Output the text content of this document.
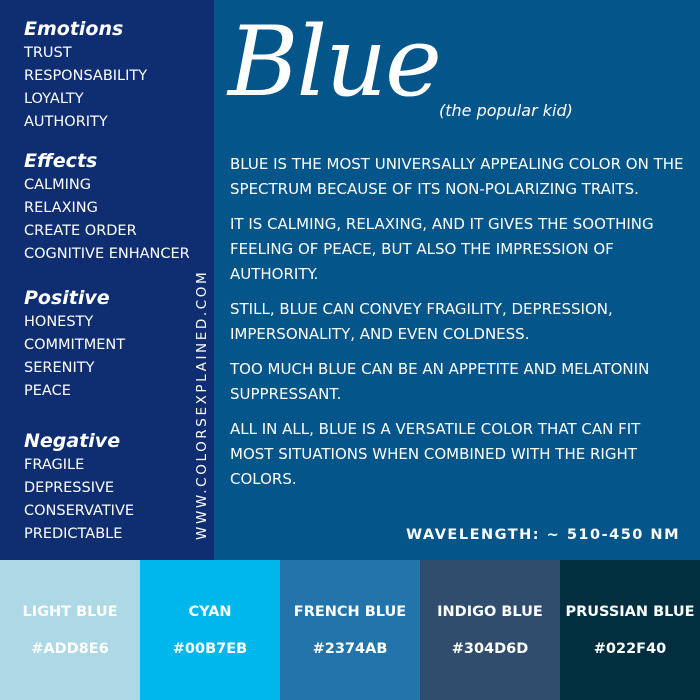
Emotions
TRUST
RESPONSABILITY
LOYALTY
AUTHORITY
Effects
CALMING
RELAXING
CREATE ORDER
COGNITIVE ENHANCER
Positive
HONESTY
COMMITMENT
SERENITY
PEACE
Negative
FRAGILE
DEPRESSIVE
CONSERVATIVE
PREDICTABLE	WWW.COLORSEXPLAINED.COM
Blue (the popular kid)

BLUE IS THE MOST UNIVERSALLY APPEALING COLOR ON THE SPECTRUM BECAUSE OF ITS NON-POLARIZING TRAITS.

IT IS CALMING, RELAXING, AND IT GIVES THE SOOTHING FEELING OF PEACE, BUT ALSO THE IMPRESSION OF AUTHORITY.

STILL, BLUE CAN CONVEY FRAGILITY, DEPRESSION, IMPERSONALITY, AND EVEN COLDNESS.

TOO MUCH BLUE CAN BE AN APPETITE AND MELATONIN SUPPRESSANT.

ALL IN ALL, BLUE IS A VERSATILE COLOR THAT CAN FIT MOST SITUATIONS WHEN COMBINED WITH THE RIGHT COLORS.

WAVELENGTH: ~ 510-450 NM
LIGHT BLUE
#ADD8E6
CYAN
#00B7EB
FRENCH BLUE
#2374AB
INDIGO BLUE
#304D6D
PRUSSIAN BLUE
#022F40
